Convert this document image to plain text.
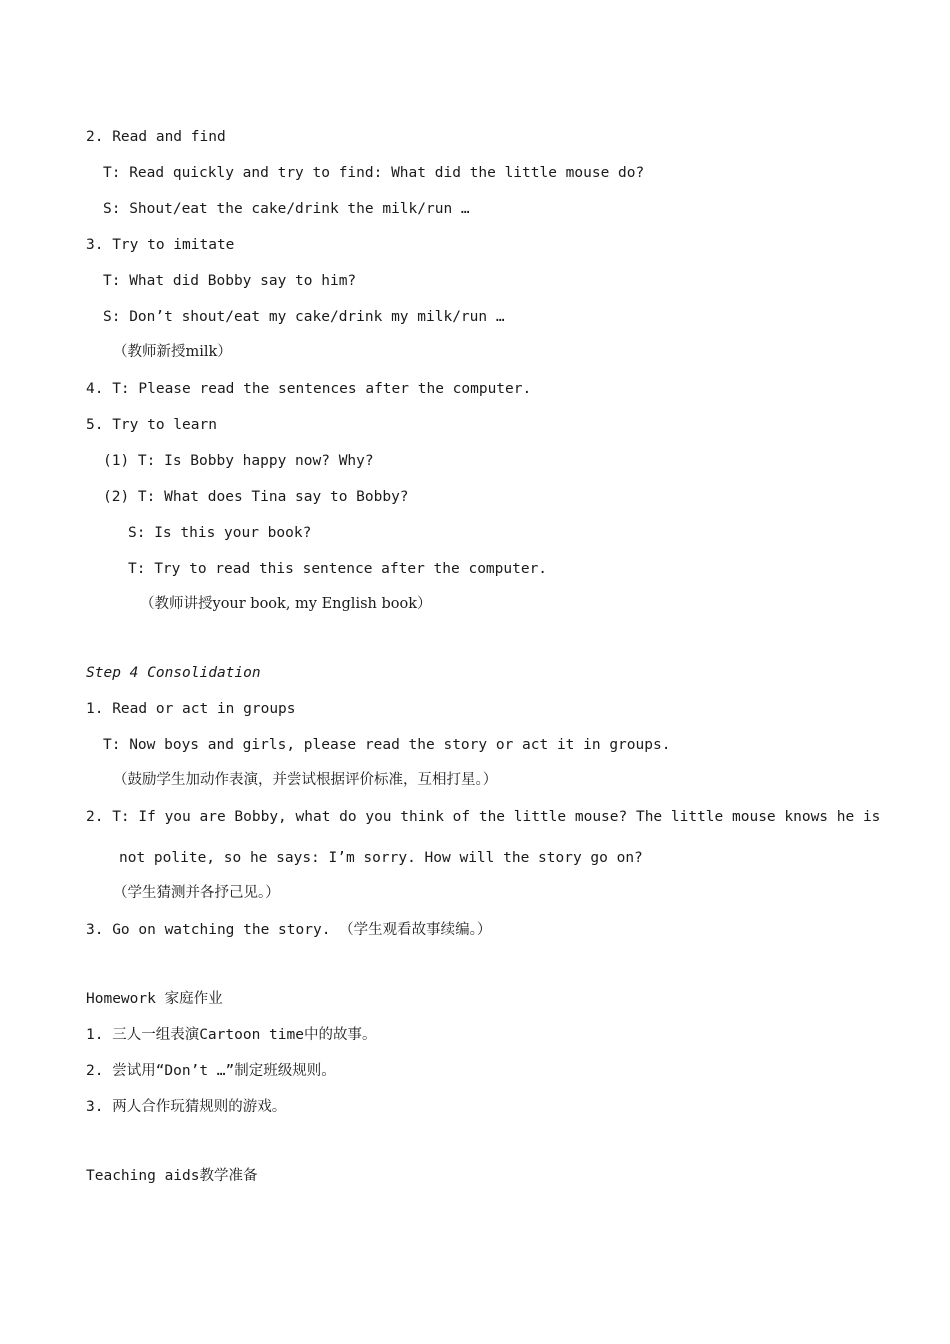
2. Read and find
T: Read quickly and try to find: What did the little mouse do?
S: Shout/eat the cake/drink the milk/run …
3. Try to imitate
T: What did Bobby say to him?
S: Don’t shout/eat my cake/drink my milk/run …
（教师新授milk）
4. T: Please read the sentences after the computer.
5. Try to learn
(1) T: Is Bobby happy now? Why?
(2) T: What does Tina say to Bobby?
S: Is this your book?
T: Try to read this sentence after the computer.
（教师讲授your book, my English book）
Step 4 Consolidation
1. Read or act in groups
T: Now boys and girls, please read the story or act it in groups.
（鼓励学生加动作表演，并尝试根据评价标准，互相打星。）
2. T: If you are Bobby, what do you think of the little mouse? The little mouse knows he is
not polite, so he says: I’m sorry. How will the story go on?
（学生猜测并各抒己见。）
3. Go on watching the story. （学生观看故事续编。）
Homework 家庭作业
1. 三人一组表演Cartoon time中的故事。
2. 尝试用“Don’t …”制定班级规则。
3. 两人合作玩猜规则的游戏。
Teaching aids教学准备
